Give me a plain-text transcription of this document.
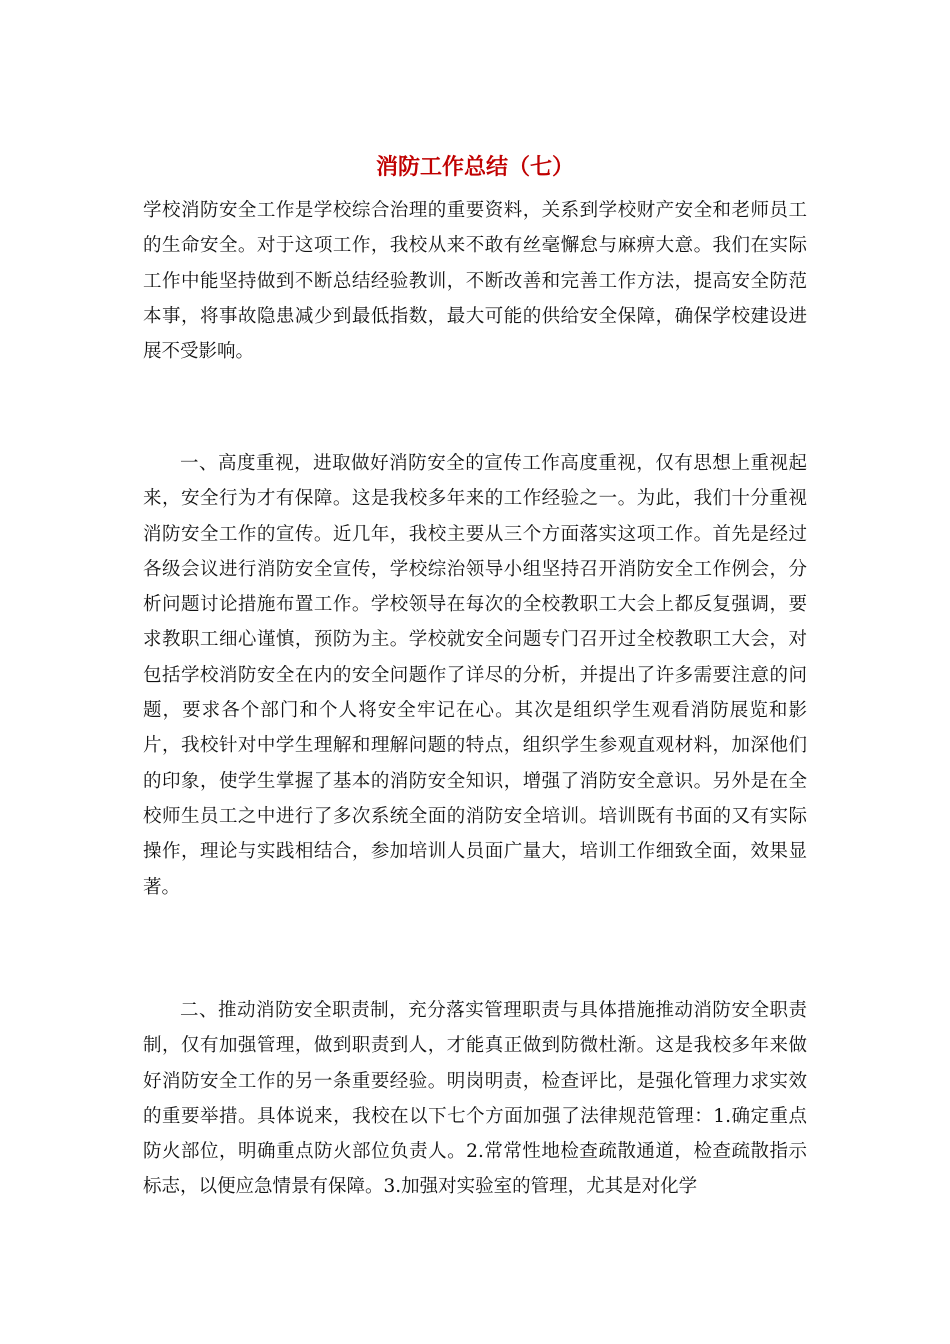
消防工作总结（七）

学校消防安全工作是学校综合治理的重要资料，关系到学校财产安全和老师员工的生命安全。对于这项工作，我校从来不敢有丝毫懈怠与麻痹大意。我们在实际工作中能坚持做到不断总结经验教训，不断改善和完善工作方法，提高安全防范本事，将事故隐患减少到最低指数，最大可能的供给安全保障，确保学校建设进展不受影响。

一、高度重视，进取做好消防安全的宣传工作高度重视，仅有思想上重视起来，安全行为才有保障。这是我校多年来的工作经验之一。为此，我们十分重视消防安全工作的宣传。近几年，我校主要从三个方面落实这项工作。首先是经过各级会议进行消防安全宣传，学校综治领导小组坚持召开消防安全工作例会，分析问题讨论措施布置工作。学校领导在每次的全校教职工大会上都反复强调，要求教职工细心谨慎，预防为主。学校就安全问题专门召开过全校教职工大会，对包括学校消防安全在内的安全问题作了详尽的分析，并提出了许多需要注意的问题，要求各个部门和个人将安全牢记在心。其次是组织学生观看消防展览和影片，我校针对中学生理解和理解问题的特点，组织学生参观直观材料，加深他们的印象，使学生掌握了基本的消防安全知识，增强了消防安全意识。另外是在全校师生员工之中进行了多次系统全面的消防安全培训。培训既有书面的又有实际操作，理论与实践相结合，参加培训人员面广量大，培训工作细致全面，效果显著。

二、推动消防安全职责制，充分落实管理职责与具体措施推动消防安全职责制，仅有加强管理，做到职责到人，才能真正做到防微杜渐。这是我校多年来做好消防安全工作的另一条重要经验。明岗明责，检查评比，是强化管理力求实效的重要举措。具体说来，我校在以下七个方面加强了法律规范管理：1.确定重点防火部位，明确重点防火部位负责人。2.常常性地检查疏散通道，检查疏散指示标志，以便应急情景有保障。3.加强对实验室的管理，尤其是对化学
